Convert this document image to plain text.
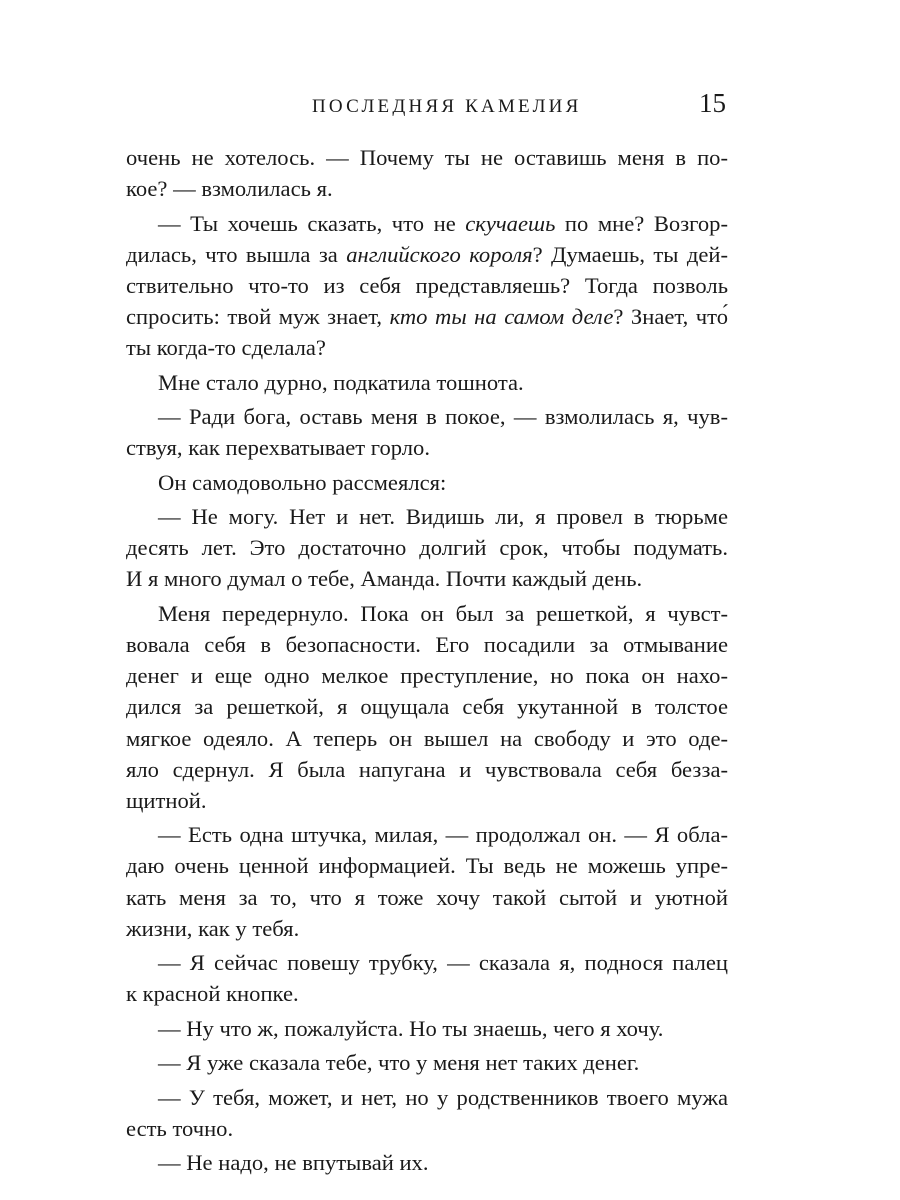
ПОСЛЕДНЯЯ КАМЕЛИЯ	15
очень не хотелось. — Почему ты не оставишь меня в по-
кое? — взмолилась я.
— Ты хочешь сказать, что не скучаешь по мне? Возгор-
дилась, что вышла за английского короля? Думаешь, ты дей-
ствительно что-то из себя представляешь? Тогда позволь
спросить: твой муж знает, кто ты на самом деле? Знает, что́
ты когда-то сделала?
Мне стало дурно, подкатила тошнота.
— Ради бога, оставь меня в покое, — взмолилась я, чув-
ствуя, как перехватывает горло.
Он самодовольно рассмеялся:
— Не могу. Нет и нет. Видишь ли, я провел в тюрьме
десять лет. Это достаточно долгий срок, чтобы подумать.
И я много думал о тебе, Аманда. Почти каждый день.
Меня передернуло. Пока он был за решеткой, я чувст-
вовала себя в безопасности. Его посадили за отмывание
денег и еще одно мелкое преступление, но пока он нахо-
дился за решеткой, я ощущала себя укутанной в толстое
мягкое одеяло. А теперь он вышел на свободу и это оде-
яло сдернул. Я была напугана и чувствовала себя безза-
щитной.
— Есть одна штучка, милая, — продолжал он. — Я обла-
даю очень ценной информацией. Ты ведь не можешь упре-
кать меня за то, что я тоже хочу такой сытой и уютной
жизни, как у тебя.
— Я сейчас повешу трубку, — сказала я, поднося палец
к красной кнопке.
— Ну что ж, пожалуйста. Но ты знаешь, чего я хочу.
— Я уже сказала тебе, что у меня нет таких денег.
— У тебя, может, и нет, но у родственников твоего мужа
есть точно.
— Не надо, не впутывай их.
